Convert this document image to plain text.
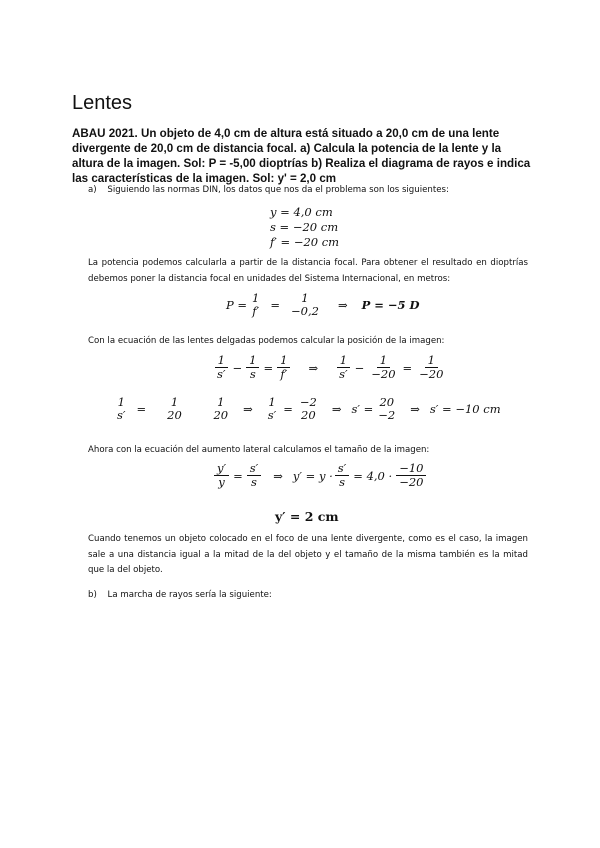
Lentes
ABAU 2021. Un objeto de 4,0 cm de altura está situado a 20,0 cm de una lente divergente de 20,0 cm de distancia focal. a) Calcula la potencia de la lente y la altura de la imagen. Sol: P = -5,00 dioptrías b) Realiza el diagrama de rayos e indica las características de la imagen. Sol: y' = 2,0 cm
a) Siguiendo las normas DIN, los datos que nos da el problema son los siguientes:
y = 4,0 cm
s = −20 cm
f′ = −20 cm
La potencia podemos calcularla a partir de la distancia focal. Para obtener el resultado en dioptrías debemos poner la distancia focal en unidades del Sistema Internacional, en metros:
P =
1
f′ =
1
−0,2 ⇒ P = −5 D
Con la ecuación de las lentes delgadas podemos calcular la posición de la imagen:
$\frac{1}{s'} - \frac{1}{s} = \frac{1}{f'}$ ⇒ $\frac{1}{s'} - \frac{1}{-20} = \frac{1}{-20}$
1
s′ =
1
20
1
20 ⇒
1
s′ =
−2
20 ⇒ s′ =
20
−2 ⇒ s′ = −10 cm
Ahora con la ecuación del aumento lateral calculamos el tamaño de la imagen:
$\frac{y'}{y} = \frac{s'}{s}$ ⇒ $y' = y \cdot \frac{s'}{s} = 4,0 \cdot \frac{-10}{-20}$
y′ = 2 cm
Cuando tenemos un objeto colocado en el foco de una lente divergente, como es el caso, la imagen sale a una distancia igual a la mitad de la del objeto y el tamaño de la misma también es la mitad que la del objeto.
b) La marcha de rayos sería la siguiente:
